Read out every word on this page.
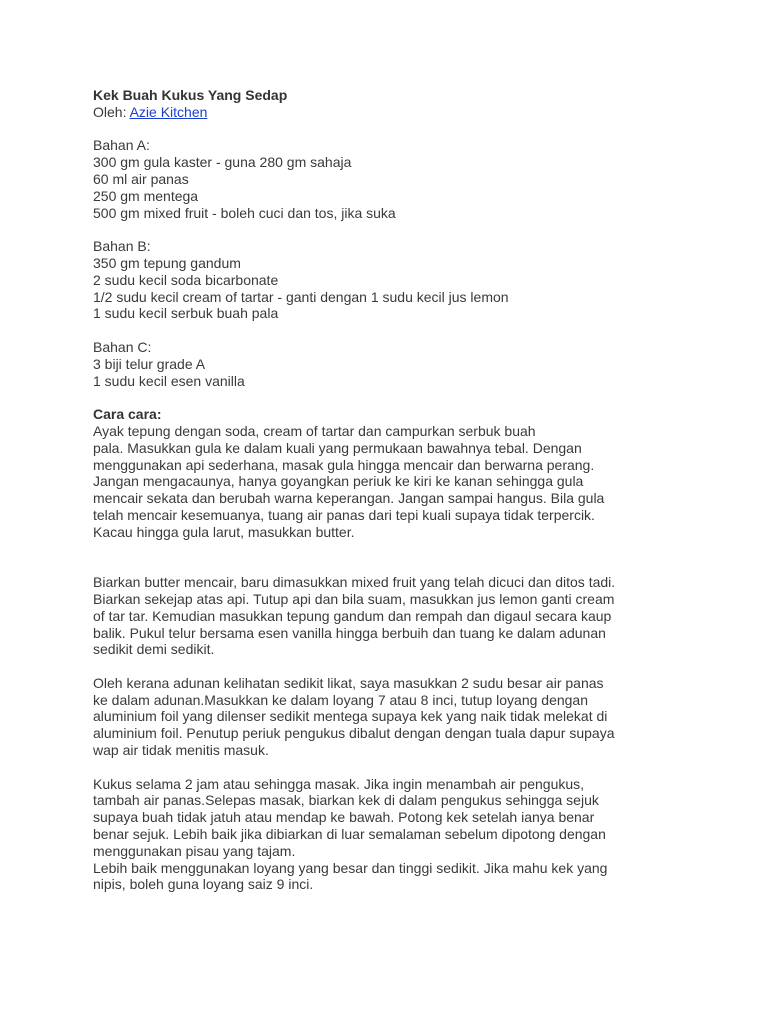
Kek Buah Kukus Yang Sedap

Oleh: Azie Kitchen

Bahan A:

300 gm gula kaster - guna 280 gm sahaja
60 ml air panas
250 gm mentega
500 gm mixed fruit - boleh cuci dan tos, jika suka

Bahan B:

350 gm tepung gandum
2 sudu kecil soda bicarbonate
1/2 sudu kecil cream of tartar - ganti dengan 1 sudu kecil jus lemon
1 sudu kecil serbuk buah pala

Bahan C:

3 biji telur grade A
1 sudu kecil esen vanilla

Cara cara:

Ayak tepung dengan soda, cream of tartar dan campurkan serbuk buah
pala. Masukkan gula ke dalam kuali yang permukaan bawahnya tebal. Dengan
menggunakan api sederhana, masak gula hingga mencair dan berwarna perang.
Jangan mengacaunya, hanya goyangkan periuk ke kiri ke kanan sehingga gula
mencair sekata dan berubah warna keperangan. Jangan sampai hangus. Bila gula
telah mencair kesemuanya, tuang air panas dari tepi kuali supaya tidak terpercik.
Kacau hingga gula larut, masukkan butter.
Biarkan butter mencair, baru dimasukkan mixed fruit yang telah dicuci dan ditos tadi.
Biarkan sekejap atas api. Tutup api dan bila suam, masukkan jus lemon ganti cream
of tar tar. Kemudian masukkan tepung gandum dan rempah dan digaul secara kaup
balik. Pukul telur bersama esen vanilla hingga berbuih dan tuang ke dalam adunan
sedikit demi sedikit.
Oleh kerana adunan kelihatan sedikit likat, saya masukkan 2 sudu besar air panas
ke dalam adunan.Masukkan ke dalam loyang 7 atau 8 inci, tutup loyang dengan
aluminium foil yang dilenser sedikit mentega supaya kek yang naik tidak melekat di
aluminium foil. Penutup periuk pengukus dibalut dengan dengan tuala dapur supaya
wap air tidak menitis masuk.
Kukus selama 2 jam atau sehingga masak. Jika ingin menambah air pengukus,
tambah air panas.Selepas masak, biarkan kek di dalam pengukus sehingga sejuk
supaya buah tidak jatuh atau mendap ke bawah. Potong kek setelah ianya benar
benar sejuk. Lebih baik jika dibiarkan di luar semalaman sebelum dipotong dengan
menggunakan pisau yang tajam.
Lebih baik menggunakan loyang yang besar dan tinggi sedikit. Jika mahu kek yang
nipis, boleh guna loyang saiz 9 inci.
